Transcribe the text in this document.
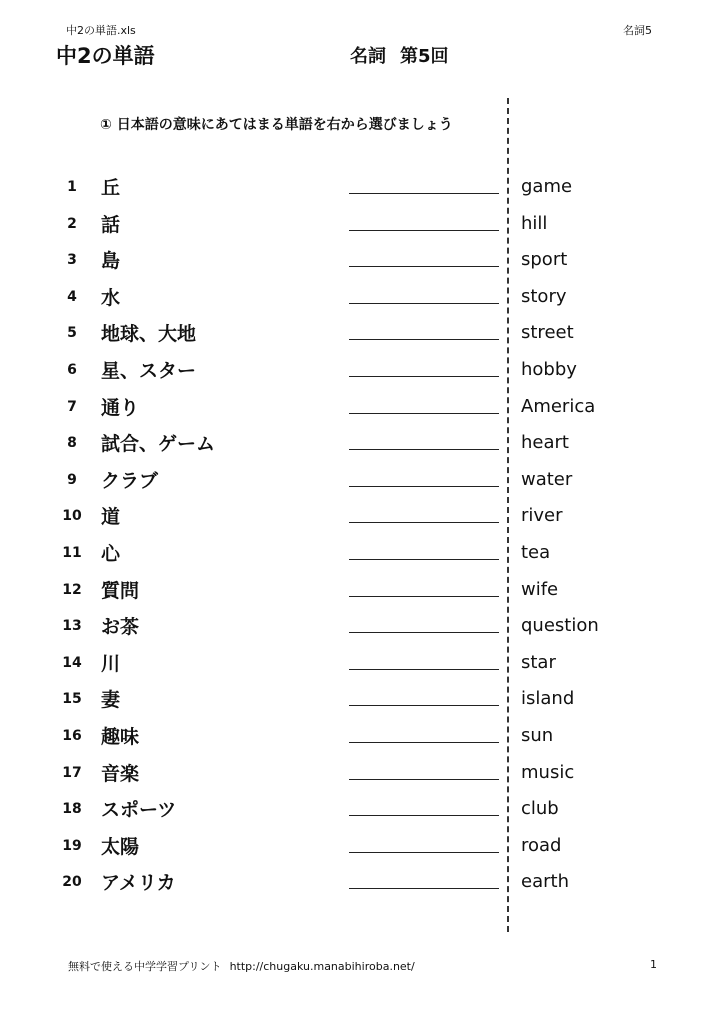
中2の単語.xls	名詞5
中2の単語	名詞 第5回
① 日本語の意味にあてはまる単語を右から選びましょう
1	丘	game
2	話	hill
3	島	sport
4	水	story
5	地球、大地	street
6	星、スター	hobby
7	通り	America
8	試合、ゲーム	heart
9	クラブ	water
10 道	river
11 心	tea
12 質問	wife
13 お茶	question
14 川	star
15 妻	island
16 趣味	sun
17 音楽	music
18 スポーツ	club
19 太陽	road
20 アメリカ	earth
無料で使える中学学習プリント http://chugaku.manabihiroba.net/	1
